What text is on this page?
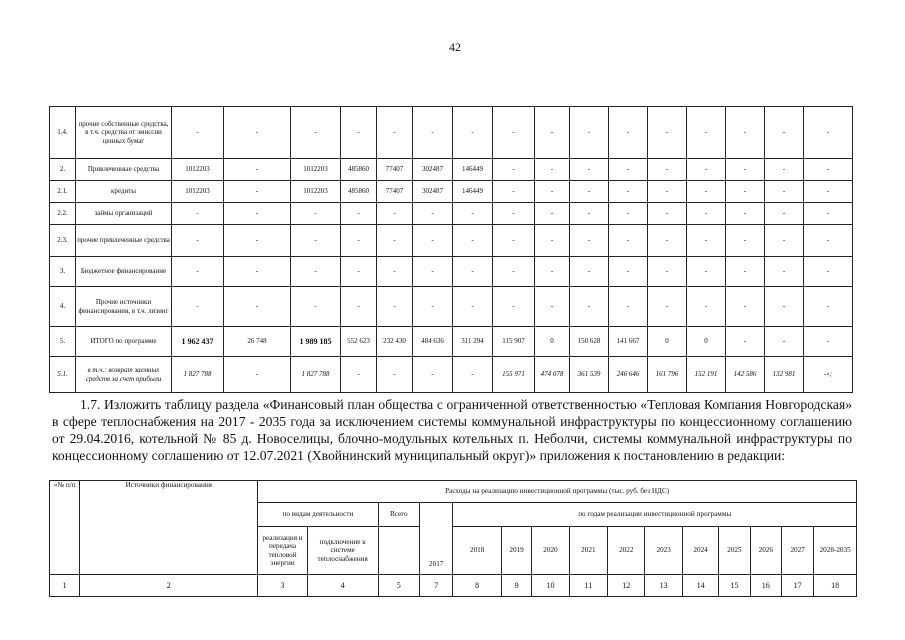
42
1.4.	прочие собственные средства, в т.ч. средства от эмиссии ценных бумаг	-	-	-	-	-	-	-	-	-	-	-	-	-	-	-	-	
2.	Привлеченные средства	1012203	-	1012203	485860	77407	302487	146449	-	-	-	-	-	-	-	-	-	
2.1.	кредиты	1012203	-	1012203	485860	77407	302487	146449	-	-	-	-	-	-	-	-	-	
2.2.	займы организаций	-	-	-	-	-	-	-	-	-	-	-	-	-	-	-	-	
2.3.	прочие привлеченные средства	-	-	-	-	-	-	-	-	-	-	-	-	-	-	-	-	
3.	Бюджетное финансирование	-	-	-	-	-	-	-	-	-	-	-	-	-	-	-	-	
4.	Прочие источники финансирования, в т.ч. лизинг	-	-	-	-	-	-	-	-	-	-	-	-	-	-	-	-	
5.	ИТОГО по программе	1 962 437	26 748	1 989 185	552 623	232 430	484 636	311 294	115 907	0	150 628	141 667	0	0	-	-	-	
5.1.	в т.ч.: возврат заемных средств за счет прибыли	1 827 788	-	1 827 788	-	-	-	-	155 971	474 078	361 539	246 646	161 796	152 191	142 586	132 981	-»;	
1.7. Изложить таблицу раздела «Финансовый план общества с ограниченной ответственностью «Тепловая Компания Новгородская» в сфере теплоснабжения на 2017 - 2035 года за исключением системы коммунальной инфраструктуры по концессионному соглашению от 29.04.2016, котельной № 85 д. Новоселицы, блочно-модульных котельных п. Неболчи, системы коммунальной инфраструктуры по концессионному соглашению от 12.07.2021 (Хвойнинский муниципальный округ)» приложения к постановлению в редакции:
«№ п/п	Источники финансирования	Расходы на реализацию инвестиционной программы (тыс. руб. без НДС)														
		по видам деятельности		Всего	2017	по годам реализации инвестиционной программы										
		реализация и передача тепловой энергии	подключение к системе теплоснабжения			2018	2019	2020	2021	2022	2023	2024	2025	2026	2027	2028-2035
1	2	3	4	5	7	8	9	10	11	12	13	14	15	16	17	18
